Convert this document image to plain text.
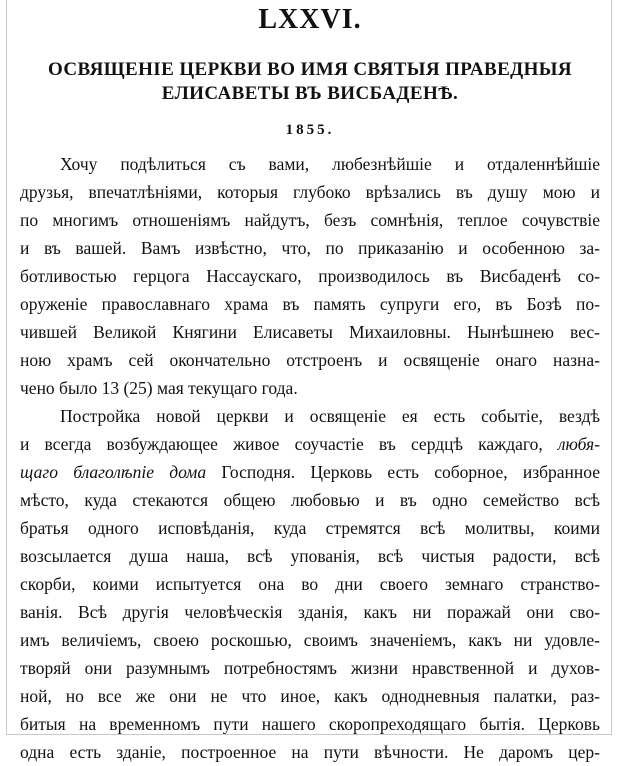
LXXVI.
ОСВЯЩЕНІЕ ЦЕРКВИ ВО ИМЯ СВЯТЫЯ ПРАВЕДНЫЯ
ЕЛИСАВЕТЫ ВЪ ВИСБАДЕНѢ.
1855.
Хочу подѣлиться съ вами, любезнѣйшіе и отдаленнѣйшіе
друзья, впечатлѣніями, которыя глубоко врѣзались въ душу мою и
по многимъ отношеніямъ найдутъ, безъ сомнѣнія, теплое сочувствіе
и въ вашей. Вамъ извѣстно, что, по приказанію и особенною за-
ботливостью герцога Нассаускаго, производилось въ Висбаденѣ со-
оруженіе православнаго храма въ память супруги его, въ Бозѣ по-
чившей Великой Княгини Елисаветы Михаиловны. Нынѣшнею вес-
ною храмъ сей окончательно отстроенъ и освященіе онаго назна-
чено было 13 (25) мая текущаго года.
Постройка новой церкви и освященіе ея есть событіе, вездѣ
и всегда возбуждающее живое соучастіе въ сердцѣ каждаго, любя-
щаго благолѣпіе дома Господня. Церковь есть соборное, избранное
мѣсто, куда стекаются общею любовью и въ одно семейство всѣ
братья одного исповѣданія, куда стремятся всѣ молитвы, коими
возсылается душа наша, всѣ упованія, всѣ чистыя радости, всѣ
скорби, коими испытуется она во дни своего земнаго странство-
ванія. Всѣ другія человѣческія зданія, какъ ни поражай они сво-
имъ величіемъ, своею роскошью, своимъ значеніемъ, какъ ни удовле-
творяй они разумнымъ потребностямъ жизни нравственной и духов-
ной, но все же они не что иное, какъ однодневныя палатки, раз-
битыя на временномъ пути нашего скоропреходящаго бытія. Церковь
одна есть зданіе, построенное на пути вѣчности. Не даромъ цер-
